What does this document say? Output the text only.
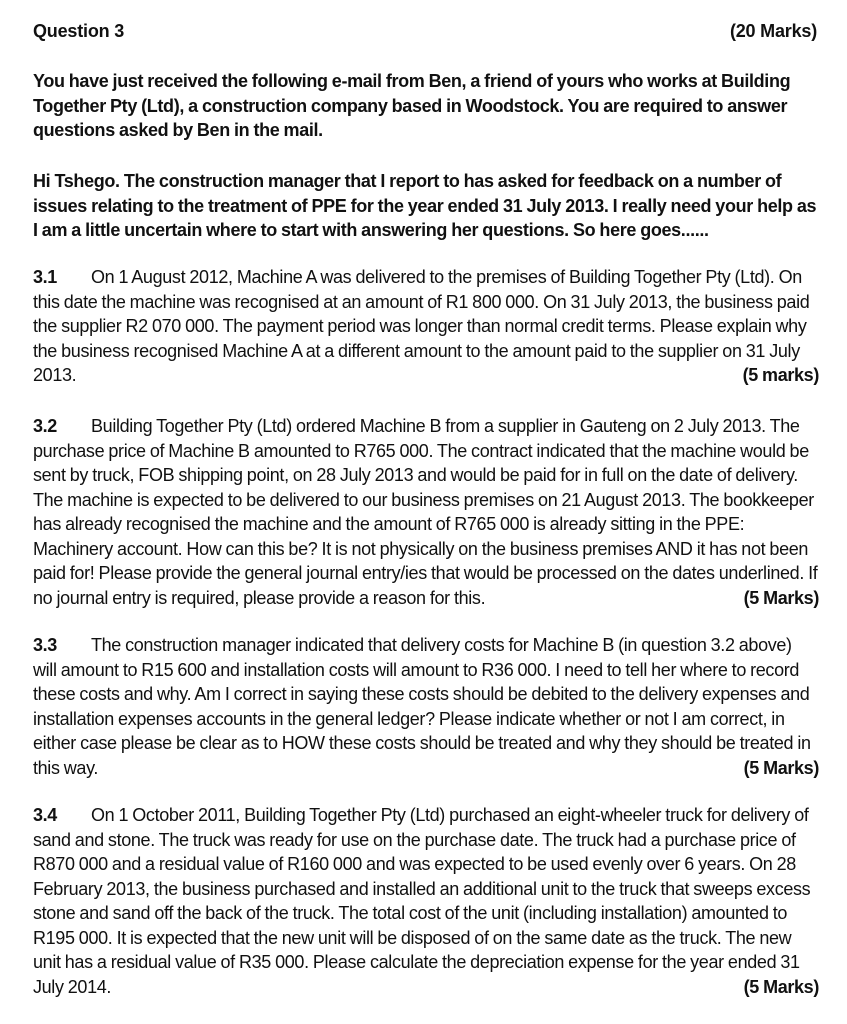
Question 3	(20 Marks)
You have just received the following e-mail from Ben, a friend of yours who works at Building Together Pty (Ltd), a construction company based in Woodstock. You are required to answer questions asked by Ben in the mail.
Hi Tshego. The construction manager that I report to has asked for feedback on a number of issues relating to the treatment of PPE for the year ended 31 July 2013. I really need your help as I am a little uncertain where to start with answering her questions. So here goes......
3.1 On 1 August 2012, Machine A was delivered to the premises of Building Together Pty (Ltd). On this date the machine was recognised at an amount of R1 800 000. On 31 July 2013, the business paid the supplier R2 070 000. The payment period was longer than normal credit terms. Please explain why the business recognised Machine A at a different amount to the amount paid to the supplier on 31 July 2013.	(5 marks)
3.2 Building Together Pty (Ltd) ordered Machine B from a supplier in Gauteng on 2 July 2013. The purchase price of Machine B amounted to R765 000. The contract indicated that the machine would be sent by truck, FOB shipping point, on 28 July 2013 and would be paid for in full on the date of delivery. The machine is expected to be delivered to our business premises on 21 August 2013. The bookkeeper has already recognised the machine and the amount of R765 000 is already sitting in the PPE: Machinery account. How can this be? It is not physically on the business premises AND it has not been paid for! Please provide the general journal entry/ies that would be processed on the dates underlined. If no journal entry is required, please provide a reason for this.	(5 Marks)
3.3 The construction manager indicated that delivery costs for Machine B (in question 3.2 above) will amount to R15 600 and installation costs will amount to R36 000. I need to tell her where to record these costs and why. Am I correct in saying these costs should be debited to the delivery expenses and installation expenses accounts in the general ledger? Please indicate whether or not I am correct, in either case please be clear as to HOW these costs should be treated and why they should be treated in this way.	(5 Marks)
3.4 On 1 October 2011, Building Together Pty (Ltd) purchased an eight-wheeler truck for delivery of sand and stone. The truck was ready for use on the purchase date. The truck had a purchase price of R870 000 and a residual value of R160 000 and was expected to be used evenly over 6 years. On 28 February 2013, the business purchased and installed an additional unit to the truck that sweeps excess stone and sand off the back of the truck. The total cost of the unit (including installation) amounted to R195 000. It is expected that the new unit will be disposed of on the same date as the truck. The new unit has a residual value of R35 000. Please calculate the depreciation expense for the year ended 31 July 2014.	(5 Marks)
